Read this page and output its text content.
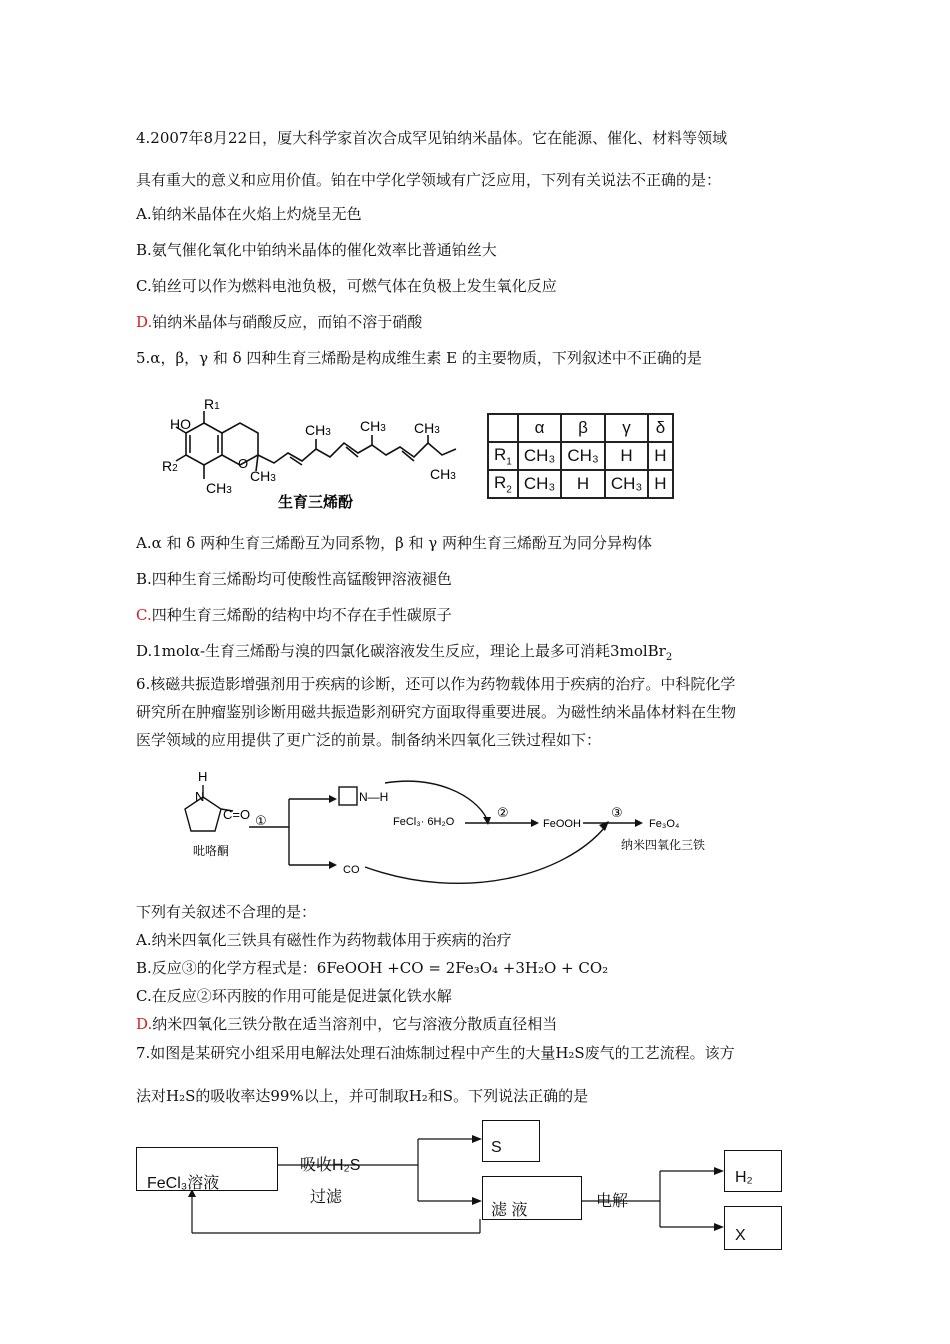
4.2007年8月22日，厦大科学家首次合成罕见铂纳米晶体。它在能源、催化、材料等领域
具有重大的意义和应用价值。铂在中学化学领域有广泛应用，下列有关说法不正确的是：
A.铂纳米晶体在火焰上灼烧呈无色
B.氨气催化氧化中铂纳米晶体的催化效率比普通铂丝大
C.铂丝可以作为燃料电池负极，可燃气体在负极上发生氧化反应
D.铂纳米晶体与硝酸反应，而铂不溶于硝酸
5.α，β，γ 和 δ 四种生育三烯酚是构成维生素 E 的主要物质，下列叙述中不正确的是
HO
R1
R2	O
CH3
CH3
CH3 CH3 CH3
CH3
生育三烯酚
	α	β	γ	δ
$R_1$	CH₃	CH₃	H	H
$R_2$	CH₃	H	CH₃	H
A.α 和 δ 两种生育三烯酚互为同系物，β 和 γ 两种生育三烯酚互为同分异构体
B.四种生育三烯酚均可使酸性高锰酸钾溶液褪色
C.四种生育三烯酚的结构中均不存在手性碳原子
D.1molα-生育三烯酚与溴的四氯化碳溶液发生反应，理论上最多可消耗3molBr$_2$
6.核磁共振造影增强剂用于疾病的诊断，还可以作为药物载体用于疾病的治疗。中科院化学
研究所在肿瘤鉴别诊断用磁共振造影剂研究方面取得重要进展。为磁性纳米晶体材料在生物
医学领域的应用提供了更广泛的前景。制备纳米四氧化三铁过程如下：
H
N
C=O
吡咯酮
①
N—H
FeCl₃· 6H₂O
②
FeOOH
③
Fe₃O₄
纳米四氧化三铁
CO
下列有关叙述不合理的是：
A.纳米四氧化三铁具有磁性作为药物载体用于疾病的治疗
B.反应③的化学方程式是：6FeOOH +CO = 2Fe₃O₄ +3H₂O + CO₂
C.在反应②环丙胺的作用可能是促进氯化铁水解
D.纳米四氧化三铁分散在适当溶剂中，它与溶液分散质直径相当
7.如图是某研究小组采用电解法处理石油炼制过程中产生的大量H₂S废气的工艺流程。该方
法对H₂S的吸收率达99%以上，并可制取H₂和S。下列说法正确的是
FeCl₃溶液
吸收H₂S
过滤
S
滤 液
电解
H₂
X
